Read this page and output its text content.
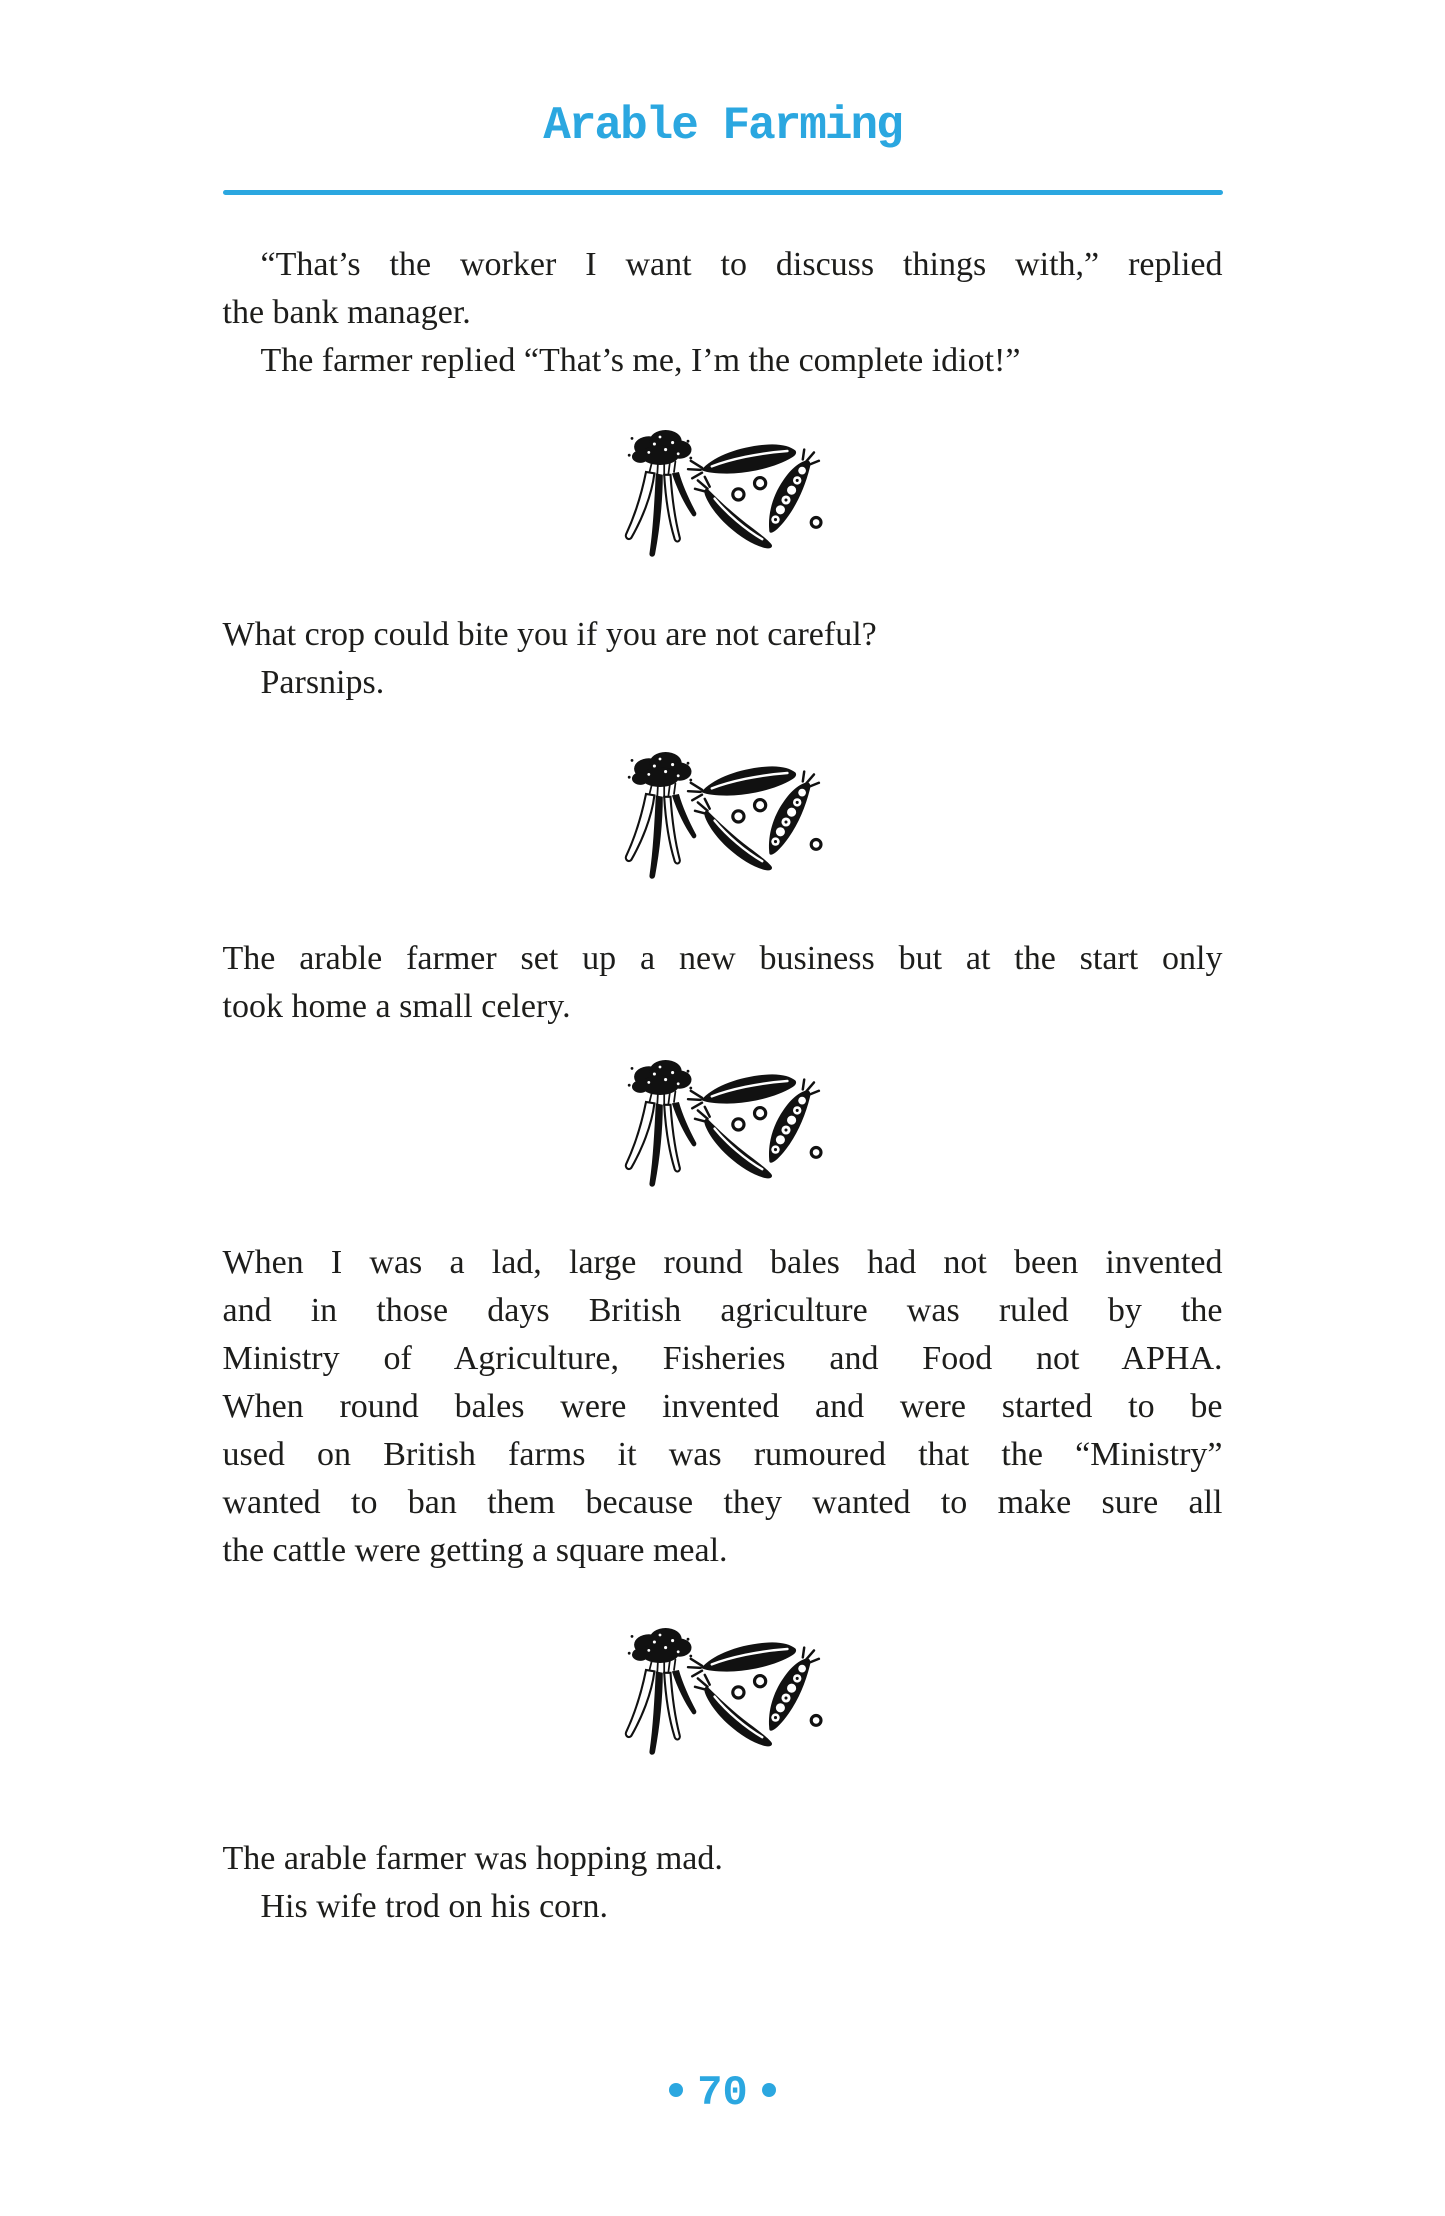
Arable Farming

“That’s the worker I want to discuss things with,” replied

the bank manager.

The farmer replied “That’s me, I’m the complete idiot!”

What crop could bite you if you are not careful?

Parsnips.

The arable farmer set up a new business but at the start only

took home a small celery.

When I was a lad, large round bales had not been invented

and in those days British agriculture was ruled by the

Ministry of Agriculture, Fisheries and Food not APHA.

When round bales were invented and were started to be

used on British farms it was rumoured that the “Ministry”

wanted to ban them because they wanted to make sure all

the cattle were getting a square meal.

The arable farmer was hopping mad.

His wife trod on his corn.

70
